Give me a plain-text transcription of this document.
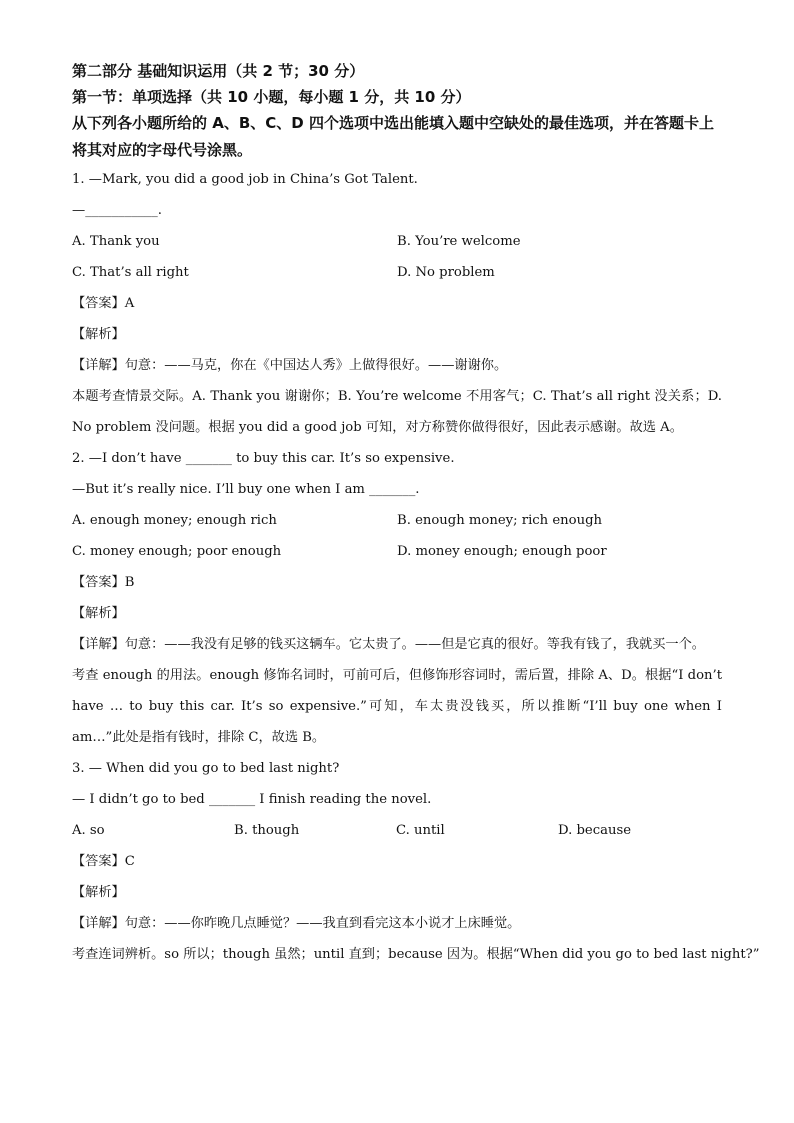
第二部分 基础知识运用（共 2 节；30 分）

第一节：单项选择（共 10 小题，每小题 1 分，共 10 分）

从下列各小题所给的 A、B、C、D 四个选项中选出能填入题中空缺处的最佳选项，并在答题卡上将其对应的字母代号涂黑。

1. —Mark, you did a good job in China’s Got Talent.

—___________.

A. Thank you	B. You’re welcome
C. That’s all right	D. No problem

【答案】A

【解析】

【详解】句意：——马克，你在《中国达人秀》上做得很好。——谢谢你。

本题考查情景交际。A. Thank you 谢谢你；B. You’re welcome 不用客气；C. That’s all right 没关系；D. No problem 没问题。根据 you did a good job 可知，对方称赞你做得很好，因此表示感谢。故选 A。

2. —I don’t have _______ to buy this car. It’s so expensive.

—But it’s really nice. I’ll buy one when I am _______.

A. enough money; enough rich	B. enough money; rich enough
C. money enough; poor enough	D. money enough; enough poor

【答案】B

【解析】

【详解】句意：——我没有足够的钱买这辆车。它太贵了。——但是它真的很好。等我有钱了，我就买一个。

考查 enough 的用法。enough 修饰名词时，可前可后，但修饰形容词时，需后置，排除 A、D。根据“I don’t have … to buy this car. It’s so expensive.”可知，车太贵没钱买，所以推断“I’ll buy one when I am…”此处是指有钱时，排除 C，故选 B。

3. — When did you go to bed last night?

— I didn’t go to bed _______ I finish reading the novel.

A. so	B. though	C. until	D. because

【答案】C

【解析】

【详解】句意：——你昨晚几点睡觉？——我直到看完这本小说才上床睡觉。

考查连词辨析。so 所以；though 虽然；until 直到；because 因为。根据“When did you go to bed last night?”
